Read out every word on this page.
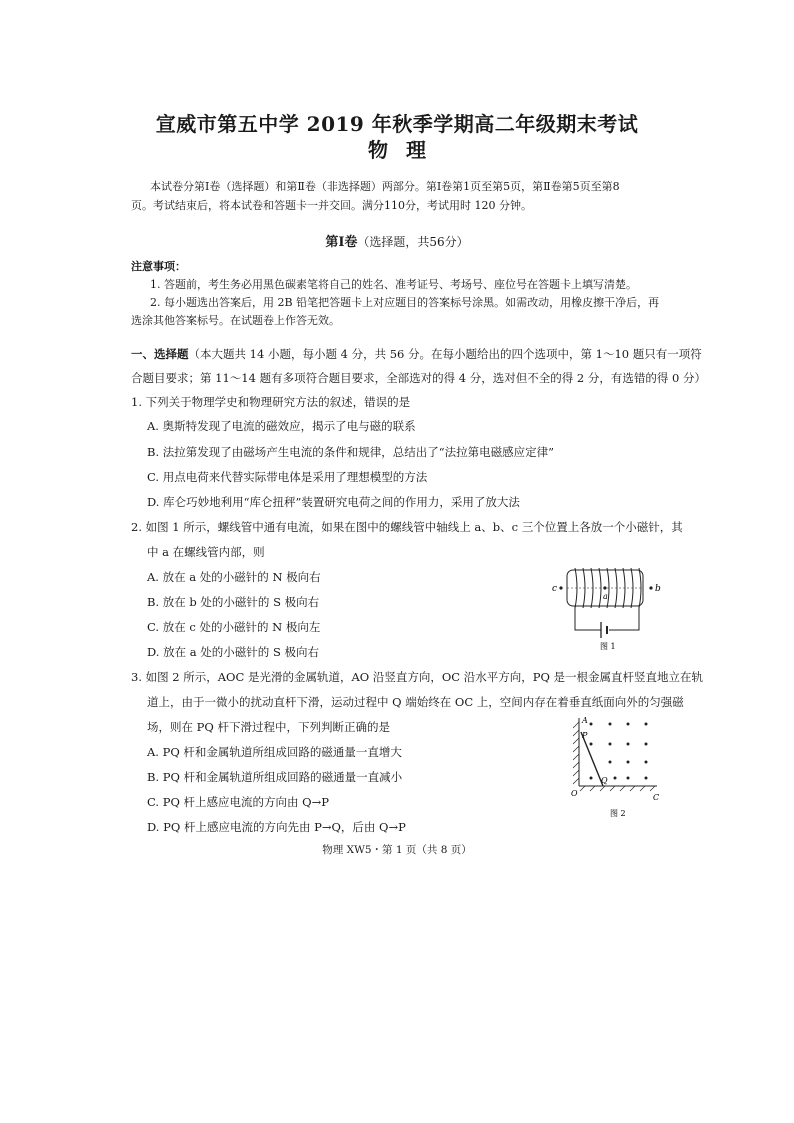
宣威市第五中学 2019 年秋季学期高二年级期末考试
物理
本试卷分第Ⅰ卷（选择题）和第Ⅱ卷（非选择题）两部分。第Ⅰ卷第1页至第5页，第Ⅱ卷第5页至第8
页。考试结束后，将本试卷和答题卡一并交回。满分110分，考试用时 120 分钟。
第Ⅰ卷（选择题，共56分）
注意事项：
1. 答题前，考生务必用黑色碳素笔将自己的姓名、准考证号、考场号、座位号在答题卡上填写清楚。
2. 每小题选出答案后，用 2B 铅笔把答题卡上对应题目的答案标号涂黑。如需改动，用橡皮擦干净后，再
选涂其他答案标号。在试题卷上作答无效。
一、选择题（本大题共 14 小题，每小题 4 分，共 56 分。在每小题给出的四个选项中，第 1～10 题只有一项符
合题目要求；第 11～14 题有多项符合题目要求，全部选对的得 4 分，选对但不全的得 2 分，有选错的得 0 分）
1. 下列关于物理学史和物理研究方法的叙述，错误的是
A. 奥斯特发现了电流的磁效应，揭示了电与磁的联系
B. 法拉第发现了由磁场产生电流的条件和规律，总结出了“法拉第电磁感应定律”
C. 用点电荷来代替实际带电体是采用了理想模型的方法
D. 库仑巧妙地利用“库仑扭秤”装置研究电荷之间的作用力，采用了放大法
2. 如图 1 所示，螺线管中通有电流，如果在图中的螺线管中轴线上 a、b、c 三个位置上各放一个小磁针，其
中 a 在螺线管内部，则
A. 放在 a 处的小磁针的 N 极向右
B. 放在 b 处的小磁针的 S 极向右
C. 放在 c 处的小磁针的 N 极向左
D. 放在 a 处的小磁针的 S 极向右
c	b
a
图 1
3. 如图 2 所示，AOC 是光滑的金属轨道，AO 沿竖直方向，OC 沿水平方向，PQ 是一根金属直杆竖直地立在轨
道上，由于一微小的扰动直杆下滑，运动过程中 Q 端始终在 OC 上，空间内存在着垂直纸面向外的匀强磁
场，则在 PQ 杆下滑过程中，下列判断正确的是
A. PQ 杆和金属轨道所组成回路的磁通量一直增大
B. PQ 杆和金属轨道所组成回路的磁通量一直减小
C. PQ 杆上感应电流的方向由 Q→P
D. PQ 杆上感应电流的方向先由 P→Q，后由 Q→P
A
P
Q
O	C
图 2
物理 XW5・第 1 页（共 8 页）
